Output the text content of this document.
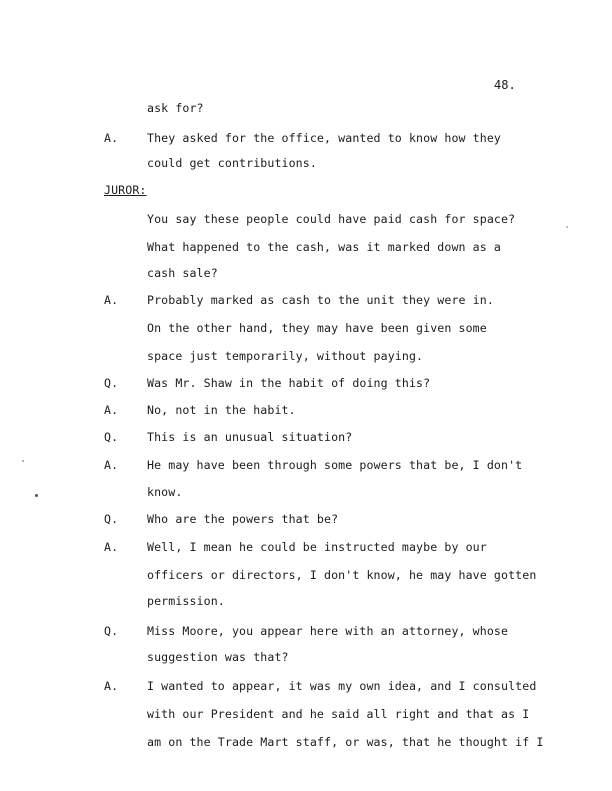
48.
ask for?
A. They asked for the office, wanted to know how they
could get contributions.
JUROR:
You say these people could have paid cash for space?
What happened to the cash, was it marked down as a
cash sale?
A. Probably marked as cash to the unit they were in.
On the other hand, they may have been given some
space just temporarily, without paying.
Q. Was Mr. Shaw in the habit of doing this?
A. No, not in the habit.
Q. This is an unusual situation?
A. He may have been through some powers that be, I don't
know.
Q. Who are the powers that be?
A. Well, I mean he could be instructed maybe by our
officers or directors, I don't know, he may have gotten
permission.
Q. Miss Moore, you appear here with an attorney, whose
suggestion was that?
A. I wanted to appear, it was my own idea, and I consulted
with our President and he said all right and that as I
am on the Trade Mart staff, or was, that he thought if I
